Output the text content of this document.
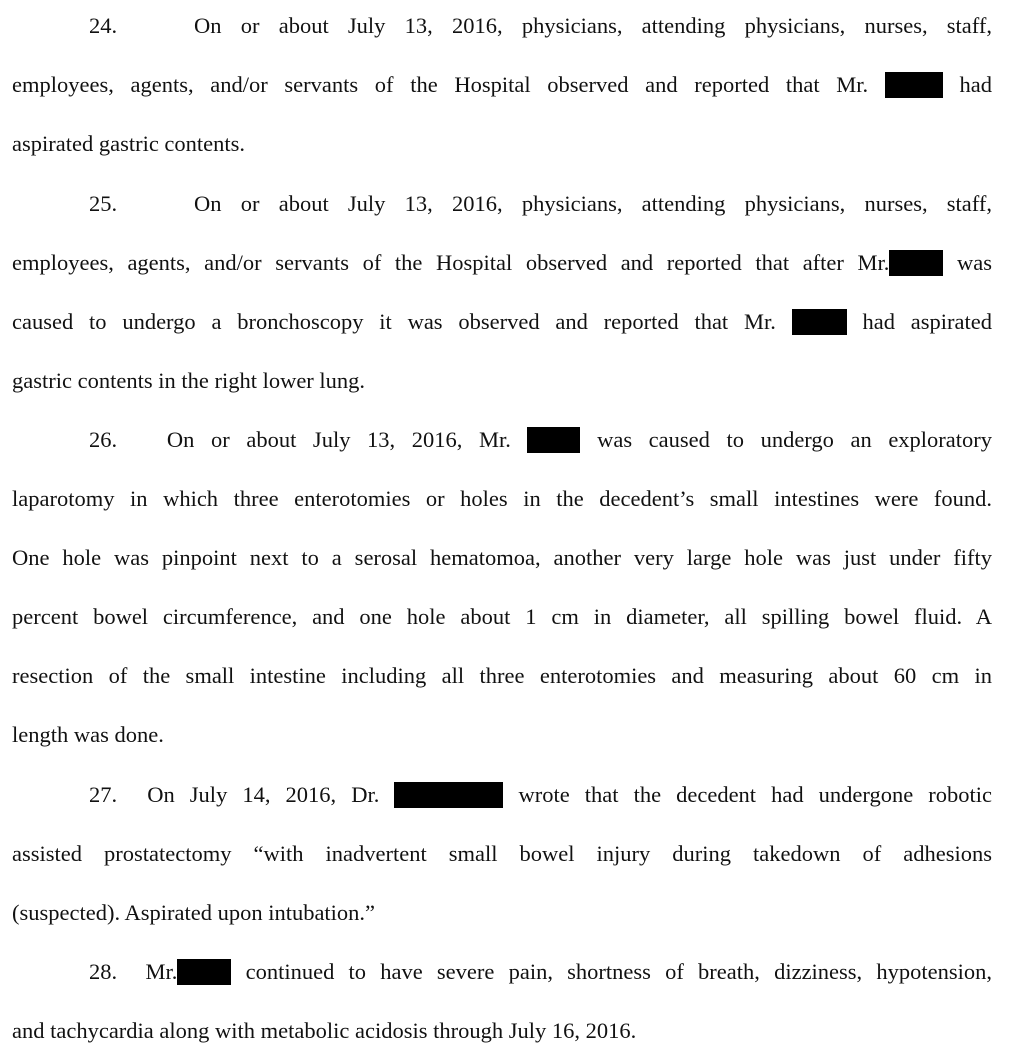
24.	On or about July 13, 2016, physicians, attending physicians, nurses, staff,
employees, agents, and/or servants of the Hospital observed and reported that Mr.	had
aspirated gastric contents.
25.	On or about July 13, 2016, physicians, attending physicians, nurses, staff,
employees, agents, and/or servants of the Hospital observed and reported that after Mr.	was
caused to undergo a bronchoscopy it was observed and reported that Mr.	had aspirated
gastric contents in the right lower lung.
26. On or about July 13, 2016, Mr.	was caused to undergo an exploratory
laparotomy in which three enterotomies or holes in the decedent’s small intestines were found.
One hole was pinpoint next to a serosal hematomoa, another very large hole was just under fifty
percent bowel circumference, and one hole about 1 cm in diameter, all spilling bowel fluid. A
resection of the small intestine including all three enterotomies and measuring about 60 cm in
length was done.
27. On July 14, 2016, Dr.	wrote that the decedent had undergone robotic
assisted prostatectomy “with inadvertent small bowel injury during takedown of adhesions
(suspected). Aspirated upon intubation.”
28. Mr.	continued to have severe pain, shortness of breath, dizziness, hypotension,
and tachycardia along with metabolic acidosis through July 16, 2016.
